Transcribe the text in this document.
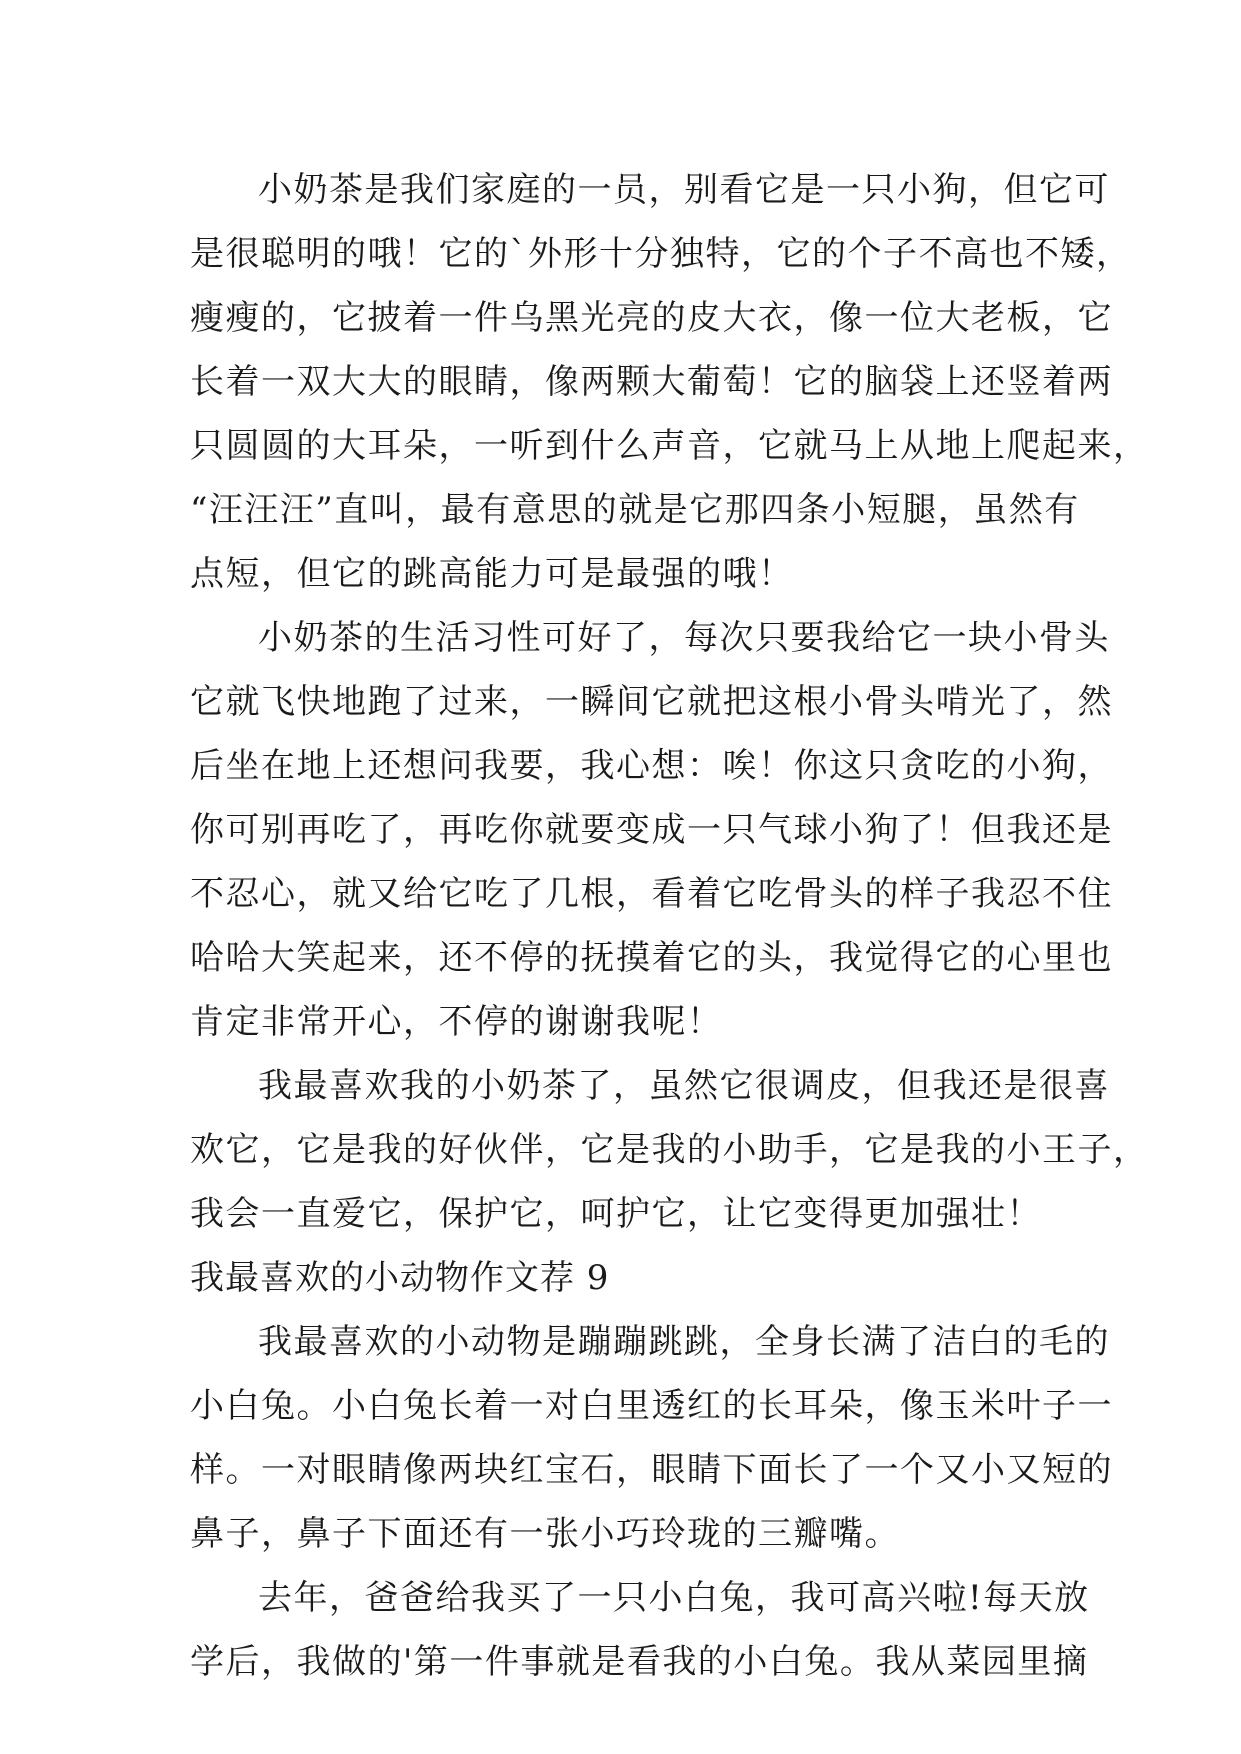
小奶茶是我们家庭的一员，别看它是一只小狗，但它可
是很聪明的哦！它的`外形十分独特，它的个子不高也不矮，
瘦瘦的，它披着一件乌黑光亮的皮大衣，像一位大老板，它
长着一双大大的眼睛，像两颗大葡萄！它的脑袋上还竖着两
只圆圆的大耳朵，一听到什么声音，它就马上从地上爬起来，
“汪汪汪”直叫，最有意思的就是它那四条小短腿，虽然有
点短，但它的跳高能力可是最强的哦！
小奶茶的生活习性可好了，每次只要我给它一块小骨头
它就飞快地跑了过来，一瞬间它就把这根小骨头啃光了，然
后坐在地上还想问我要，我心想：唉！你这只贪吃的小狗，
你可别再吃了，再吃你就要变成一只气球小狗了！但我还是
不忍心，就又给它吃了几根，看着它吃骨头的样子我忍不住
哈哈大笑起来，还不停的抚摸着它的头，我觉得它的心里也
肯定非常开心，不停的谢谢我呢！
我最喜欢我的小奶茶了，虽然它很调皮，但我还是很喜
欢它，它是我的好伙伴，它是我的小助手，它是我的小王子，
我会一直爱它，保护它，呵护它，让它变得更加强壮！
我最喜欢的小动物作文荐 9
我最喜欢的小动物是蹦蹦跳跳，全身长满了洁白的毛的
小白兔。小白兔长着一对白里透红的长耳朵，像玉米叶子一
样。一对眼睛像两块红宝石，眼睛下面长了一个又小又短的
鼻子，鼻子下面还有一张小巧玲珑的三瓣嘴。
去年，爸爸给我买了一只小白兔，我可高兴啦!每天放
学后，我做的'第一件事就是看我的小白兔。我从菜园里摘
